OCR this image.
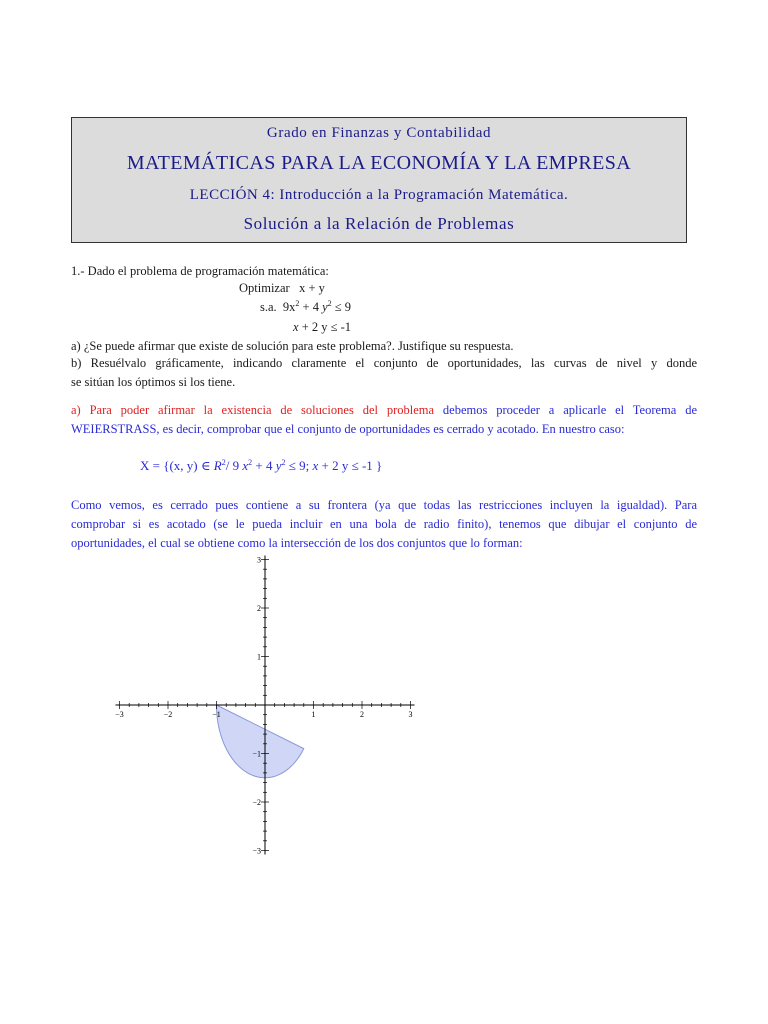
Grado en Finanzas y Contabilidad
MATEMÁTICAS PARA LA ECONOMÍA Y LA EMPRESA
LECCIÓN 4: Introducción a la Programación Matemática.
Solución a la Relación de Problemas
1.- Dado el problema de programación matemática:
Optimizar x + y
s.a. $9x^2 + 4$ $y^2 \le 9$
x + 2 y ≤ -1
a) ¿Se puede afirmar que existe de solución para este problema?. Justifique su respuesta.
b) Resuélvalo gráficamente, indicando claramente el conjunto de oportunidades, las curvas de nivel y donde
se sitúan los óptimos si los tiene.
a) Para poder afirmar la existencia de soluciones del problema debemos proceder a aplicarle el Teorema de
WEIERSTRASS, es decir, comprobar que el conjunto de oportunidades es cerrado y acotado. En nuestro caso:
X = {(x, y) ∈ $R^2/$ 9 $x^2 + 4$ $y^2 \le 9$; x + 2 y ≤ -1 }
Como vemos, es cerrado pues contiene a su frontera (ya que todas las restricciones incluyen la igualdad). Para
comprobar si es acotado (se le pueda incluir en una bola de radio finito), tenemos que dibujar el conjunto de
oportunidades, el cual se obtiene como la intersección de los dos conjuntos que lo forman:
−3	−2	−1	1	2	3
3
2
1
−1
−2
−3
